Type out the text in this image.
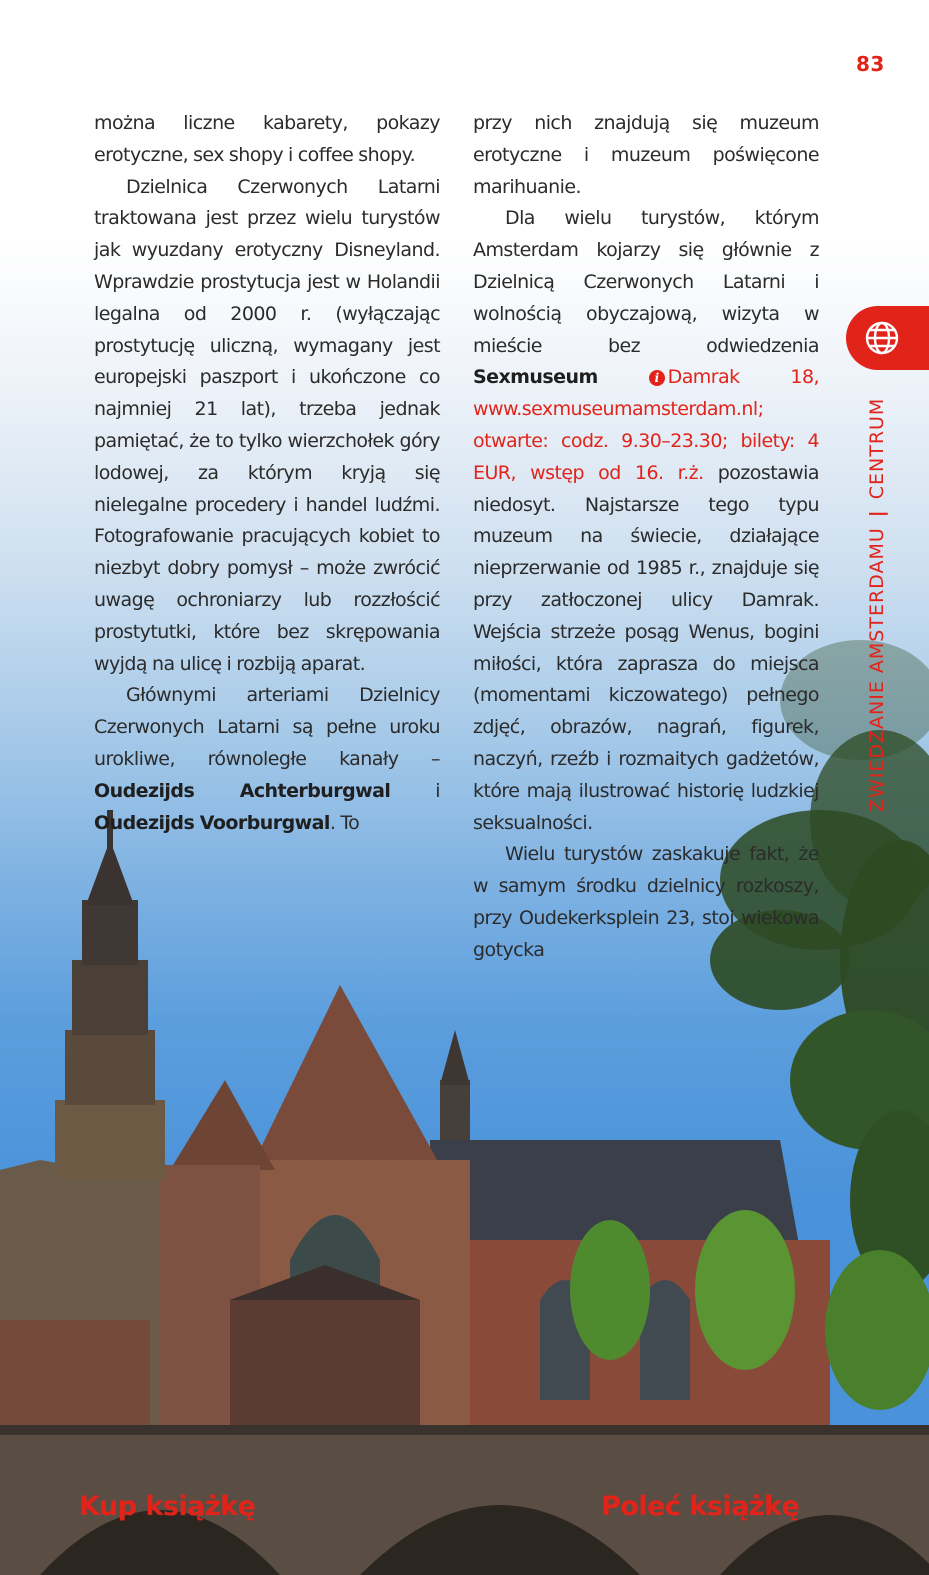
83

można liczne kabarety, pokazy erotyczne, sex shopy i coffee shopy.

Dzielnica Czerwonych Latarni traktowana jest przez wielu turystów jak wyuzdany erotyczny Disneyland. Wprawdzie prostytucja jest w Holandii legalna od 2000 r. (wyłączając prostytucję uliczną, wymagany jest europejski paszport i ukończone co najmniej 21 lat), trzeba jednak pamiętać, że to tylko wierzchołek góry lodowej, za którym kryją się nielegalne procedery i handel ludźmi. Fotografowanie pracujących kobiet to niezbyt dobry pomysł – może zwrócić uwagę ochroniarzy lub rozzłościć prostytutki, które bez skrępowania wyjdą na ulicę i rozbiją aparat.

Głównymi arteriami Dzielnicy Czerwonych Latarni są pełne uroku urokliwe, równoległe kanały – Oudezijds Achterburgwal i Oudezijds Voorburgwal. To

przy nich znajdują się muzeum erotyczne i muzeum poświęcone marihuanie.

Dla wielu turystów, którym Amsterdam kojarzy się głównie z Dzielnicą Czerwonych Latarni i wolnością obyczajową, wizyta w mieście bez odwiedzenia Sexmuseum	i Damrak 18, www.sexmuseumamsterdam.nl; otwarte: codz. 9.30–23.30; bilety: 4 EUR, wstęp od 16. r.ż. pozostawia niedosyt. Najstarsze tego typu muzeum na świecie, działające nieprzerwanie od 1985 r., znajduje się przy zatłoczonej ulicy Damrak. Wejścia strzeże posąg Wenus, bogini miłości, która zaprasza do miejsca (momentami kiczowatego) pełnego zdjęć, obrazów, nagrań, figurek, naczyń, rzeźb i rozmaitych gadżetów, które mają ilustrować historię ludzkiej seksualności.

Wielu turystów zaskakuje fakt, że w samym środku dzielnicy rozkoszy, przy Oudekerksplein 23, stoi wiekowa gotycka

ZWIEDZANIE AMSTERDAMU|CENTRUM
Kup książkę	Poleć książkę
